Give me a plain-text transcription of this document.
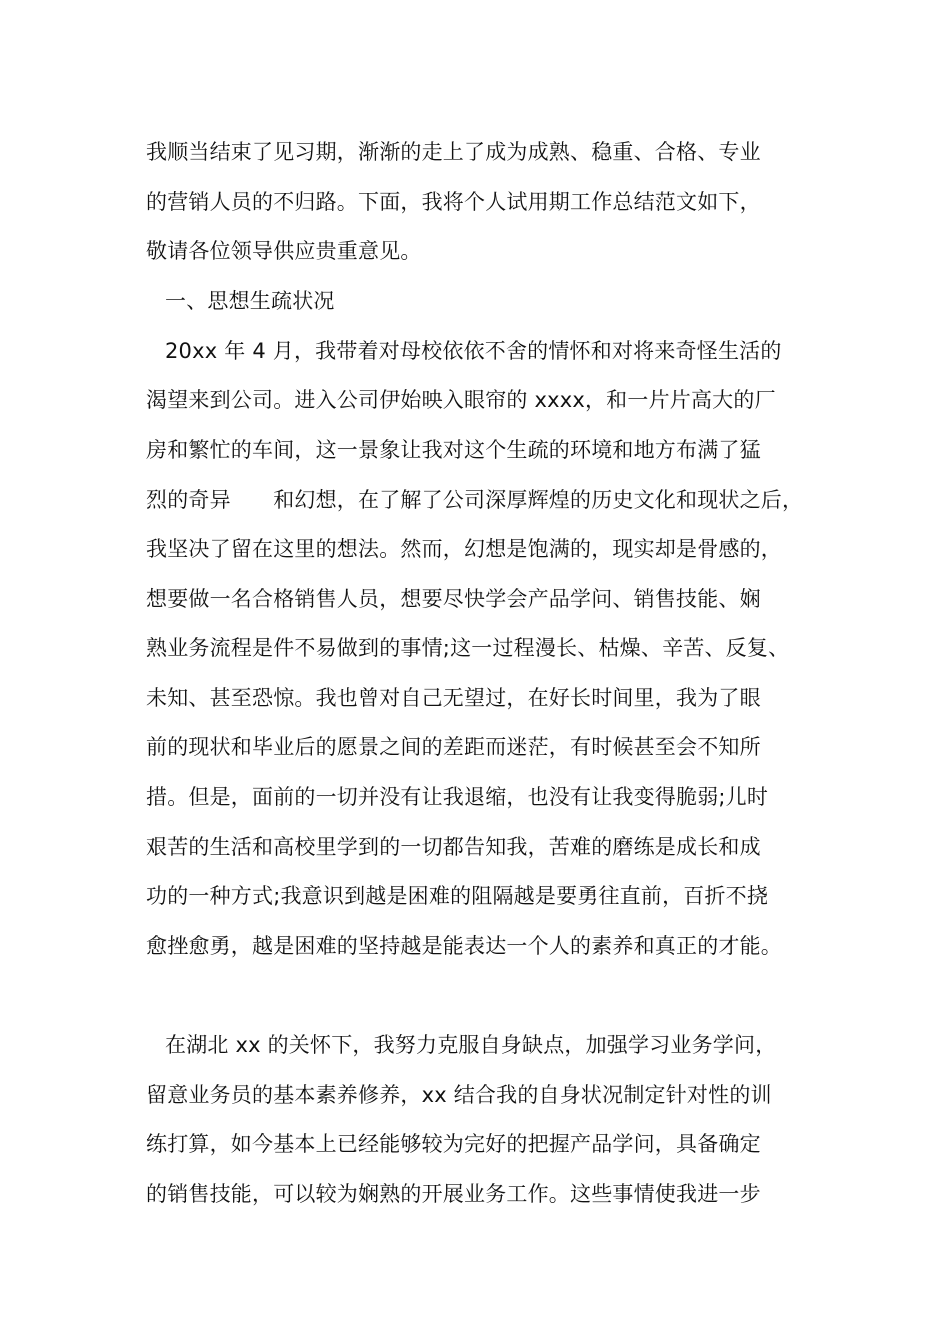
我顺当结束了见习期，渐渐的走上了成为成熟、稳重、合格、专业
的营销人员的不归路。下面，我将个人试用期工作总结范文如下，
敬请各位领导供应贵重意见。
一、思想生疏状况
20xx 年 4 月，我带着对母校依依不舍的情怀和对将来奇怪生活的
渴望来到公司。进入公司伊始映入眼帘的 xxxx，和一片片高大的厂
房和繁忙的车间，这一景象让我对这个生疏的环境和地方布满了猛
烈的奇异　　和幻想，在了解了公司深厚辉煌的历史文化和现状之后，
我坚决了留在这里的想法。然而，幻想是饱满的，现实却是骨感的，
想要做一名合格销售人员，想要尽快学会产品学问、销售技能、娴
熟业务流程是件不易做到的事情;这一过程漫长、枯燥、辛苦、反复、
未知、甚至恐惊。我也曾对自己无望过，在好长时间里，我为了眼
前的现状和毕业后的愿景之间的差距而迷茫，有时候甚至会不知所
措。但是，面前的一切并没有让我退缩，也没有让我变得脆弱;儿时
艰苦的生活和高校里学到的一切都告知我，苦难的磨练是成长和成
功的一种方式;我意识到越是困难的阻隔越是要勇往直前，百折不挠
愈挫愈勇，越是困难的坚持越是能表达一个人的素养和真正的才能。
在湖北 xx 的关怀下，我努力克服自身缺点，加强学习业务学问，
留意业务员的基本素养修养，xx 结合我的自身状况制定针对性的训
练打算，如今基本上已经能够较为完好的把握产品学问，具备确定
的销售技能，可以较为娴熟的开展业务工作。这些事情使我进一步
